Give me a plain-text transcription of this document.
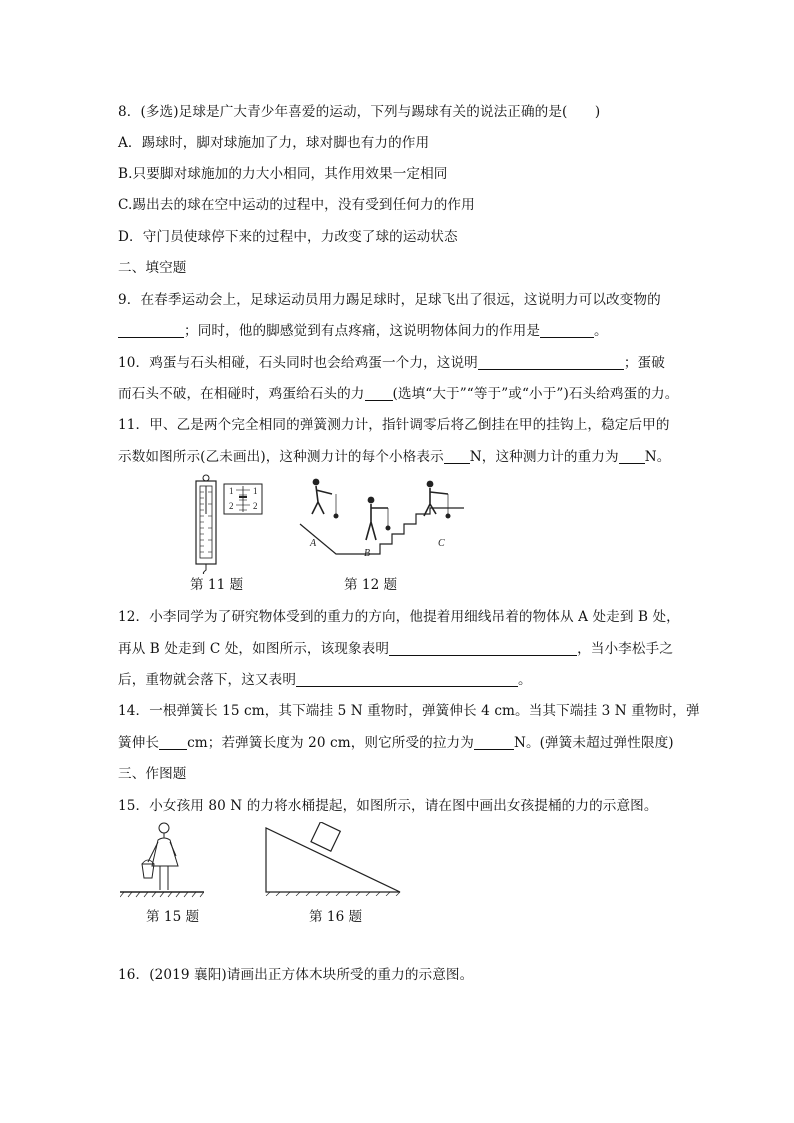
8．(多选)足球是广大青少年喜爱的运动，下列与踢球有关的说法正确的是(　　)
A．踢球时，脚对球施加了力，球对脚也有力的作用
B.只要脚对球施加的力大小相同，其作用效果一定相同
C.踢出去的球在空中运动的过程中，没有受到任何力的作用
D．守门员使球停下来的过程中，力改变了球的运动状态
二、填空题
9．在春季运动会上，足球运动员用力踢足球时，足球飞出了很远，这说明力可以改变物的
；同时，他的脚感觉到有点疼痛，这说明物体间力的作用是	。
10．鸡蛋与石头相碰，石头同时也会给鸡蛋一个力，这说明	；蛋破
而石头不破，在相碰时，鸡蛋给石头的力 (选填“大于”“等于”或“小于”)石头给鸡蛋的力。
11．甲、乙是两个完全相同的弹簧测力计，指针调零后将乙倒挂在甲的挂钩上，稳定后甲的
示数如图所示(乙未画出)，这种测力计的每个小格表示 N，这种测力计的重力为 N。
1 1
2 2
第 11 题
A
B
C
第 12 题
12．小李同学为了研究物体受到的重力的方向，他提着用细线吊着的物体从 A 处走到 B 处，
再从 B 处走到 C 处，如图所示，该现象表明	，当小李松手之
后，重物就会落下，这又表明	。
14．一根弹簧长 15 cm，其下端挂 5 N 重物时，弹簧伸长 4 cm。当其下端挂 3 N 重物时，弹
簧伸长 cm；若弹簧长度为 20 cm，则它所受的拉力为	N。(弹簧未超过弹性限度)
三、作图题
15．小女孩用 80 N 的力将水桶提起，如图所示，请在图中画出女孩提桶的力的示意图。
第 15 题	第 16 题
16．(2019 襄阳)请画出正方体木块所受的重力的示意图。
